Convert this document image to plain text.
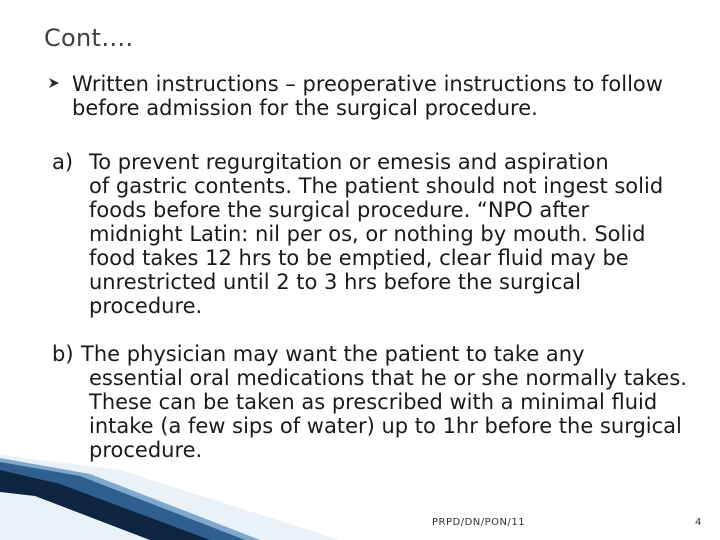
Cont….
Written instructions – preoperative instructions to follow before admission for the surgical procedure.
a) To prevent regurgitation or emesis and aspiration
of gastric contents. The patient should not ingest solid foods before the surgical procedure. “NPO after midnight Latin: nil per os, or nothing by mouth. Solid food takes 12 hrs to be emptied, clear fluid may be unrestricted until 2 to 3 hrs before the surgical procedure.
b) The physician may want the patient to take any
essential oral medications that he or she normally takes. These can be taken as prescribed with a minimal fluid intake (a few sips of water) up to 1hr before the surgical procedure.
PRPD/DN/PON/11	4
